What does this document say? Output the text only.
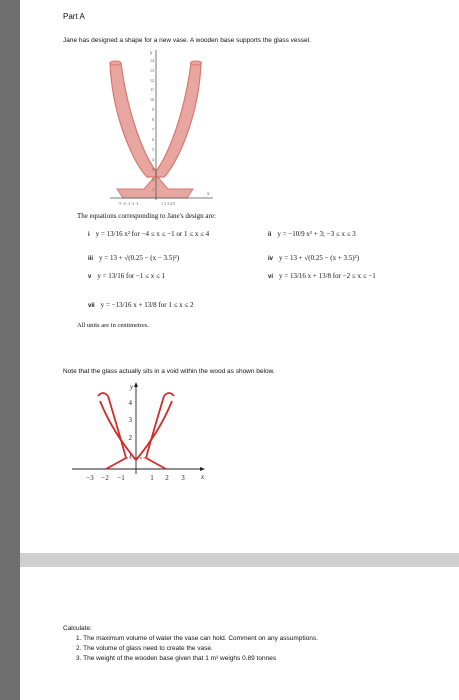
Part A
Jane has designed a shape for a new vase. A wooden base supports the glass vessel.
y
x
14
13
12
11
10
9
8
7
6
5
4
3
2
1
-5 -4 -3 -2 -1	1 2 3 4 5
The equations corresponding to Jane's design are:
i y = 13/16 x² for −4 ≤ x ≤ −1 or 1 ≤ x ≤ 4	ii y = −10/9 x² + 3; −3 ≤ x ≤ 3
iii y = 13 + √(0.25 − (x − 3.5)²)	iv y = 13 + √(0.25 − (x + 3.5)²)
v y = 13/16 for −1 ≤ x ≤ 1	vi y = 13/16 x + 13/8 for −2 ≤ x ≤ −1
vii y = −13/16 x + 13/8 for 1 ≤ x ≤ 2
All units are in centimetres.
Note that the glass actually sits in a void within the wood as shown below.
y
x
4
3
2
1
−3 −2 −1	1 2 3
Calculate:
1. The maximum volume of water the vase can hold. Comment on any assumptions.
2. The volume of glass need to create the vase.
3. The weight of the wooden base given that 1 m³ weighs 0.89 tonnes
